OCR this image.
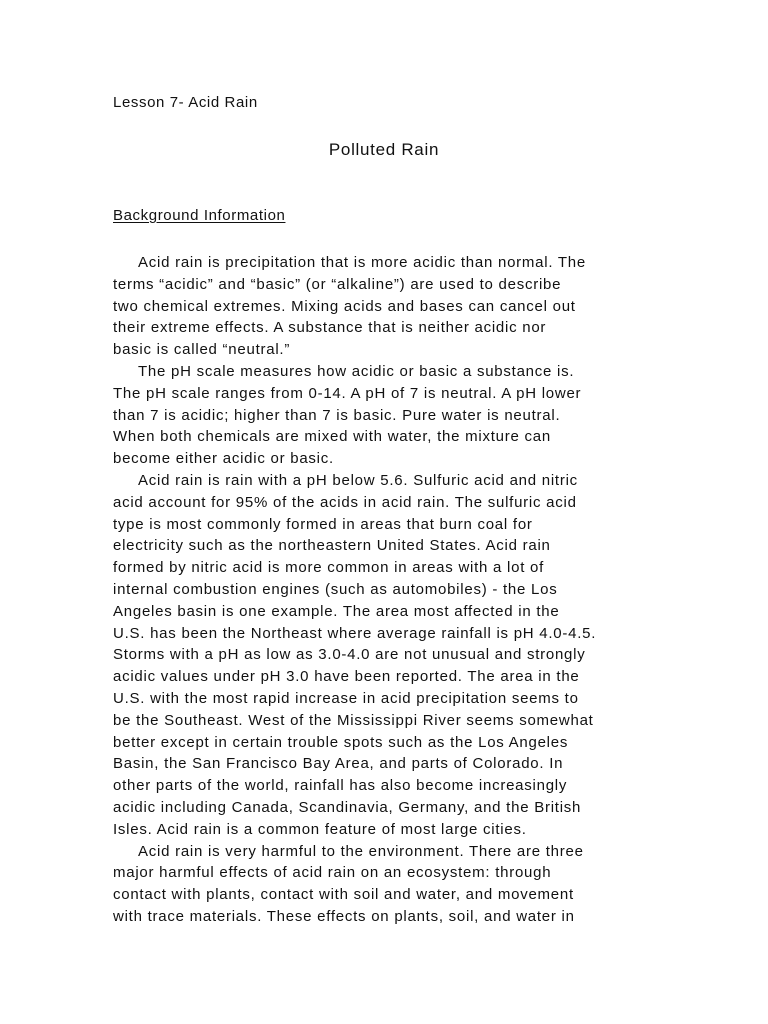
Lesson 7- Acid Rain
Polluted Rain
Background Information
Acid rain is precipitation that is more acidic than normal. The
terms “acidic” and “basic” (or “alkaline”) are used to describe
two chemical extremes. Mixing acids and bases can cancel out
their extreme effects. A substance that is neither acidic nor
basic is called “neutral.”
The pH scale measures how acidic or basic a substance is.
The pH scale ranges from 0-14. A pH of 7 is neutral. A pH lower
than 7 is acidic; higher than 7 is basic. Pure water is neutral.
When both chemicals are mixed with water, the mixture can
become either acidic or basic.
Acid rain is rain with a pH below 5.6. Sulfuric acid and nitric
acid account for 95% of the acids in acid rain. The sulfuric acid
type is most commonly formed in areas that burn coal for
electricity such as the northeastern United States. Acid rain
formed by nitric acid is more common in areas with a lot of
internal combustion engines (such as automobiles) - the Los
Angeles basin is one example. The area most affected in the
U.S. has been the Northeast where average rainfall is pH 4.0-4.5.
Storms with a pH as low as 3.0-4.0 are not unusual and strongly
acidic values under pH 3.0 have been reported. The area in the
U.S. with the most rapid increase in acid precipitation seems to
be the Southeast. West of the Mississippi River seems somewhat
better except in certain trouble spots such as the Los Angeles
Basin, the San Francisco Bay Area, and parts of Colorado. In
other parts of the world, rainfall has also become increasingly
acidic including Canada, Scandinavia, Germany, and the British
Isles. Acid rain is a common feature of most large cities.
Acid rain is very harmful to the environment. There are three
major harmful effects of acid rain on an ecosystem: through
contact with plants, contact with soil and water, and movement
with trace materials. These effects on plants, soil, and water in
